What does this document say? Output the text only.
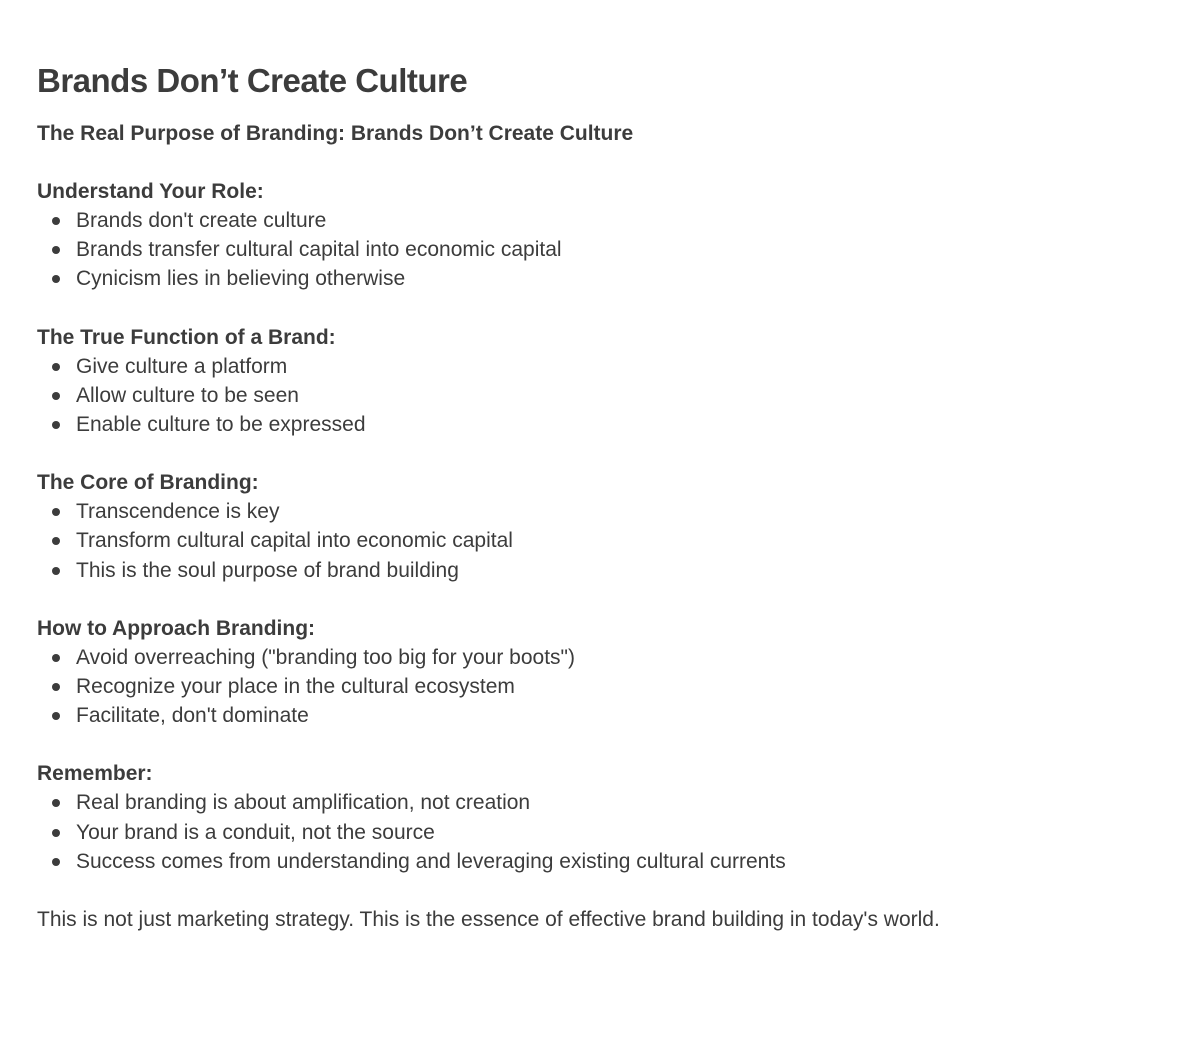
Brands Don’t Create Culture

The Real Purpose of Branding: Brands Don’t Create Culture

Understand Your Role:

Brands don't create culture
Brands transfer cultural capital into economic capital
Cynicism lies in believing otherwise

The True Function of a Brand:

Give culture a platform
Allow culture to be seen
Enable culture to be expressed

The Core of Branding:

Transcendence is key
Transform cultural capital into economic capital
This is the soul purpose of brand building

How to Approach Branding:

Avoid overreaching ("branding too big for your boots")
Recognize your place in the cultural ecosystem
Facilitate, don't dominate

Remember:

Real branding is about amplification, not creation
Your brand is a conduit, not the source
Success comes from understanding and leveraging existing cultural currents

This is not just marketing strategy. This is the essence of effective brand building in today's world.
